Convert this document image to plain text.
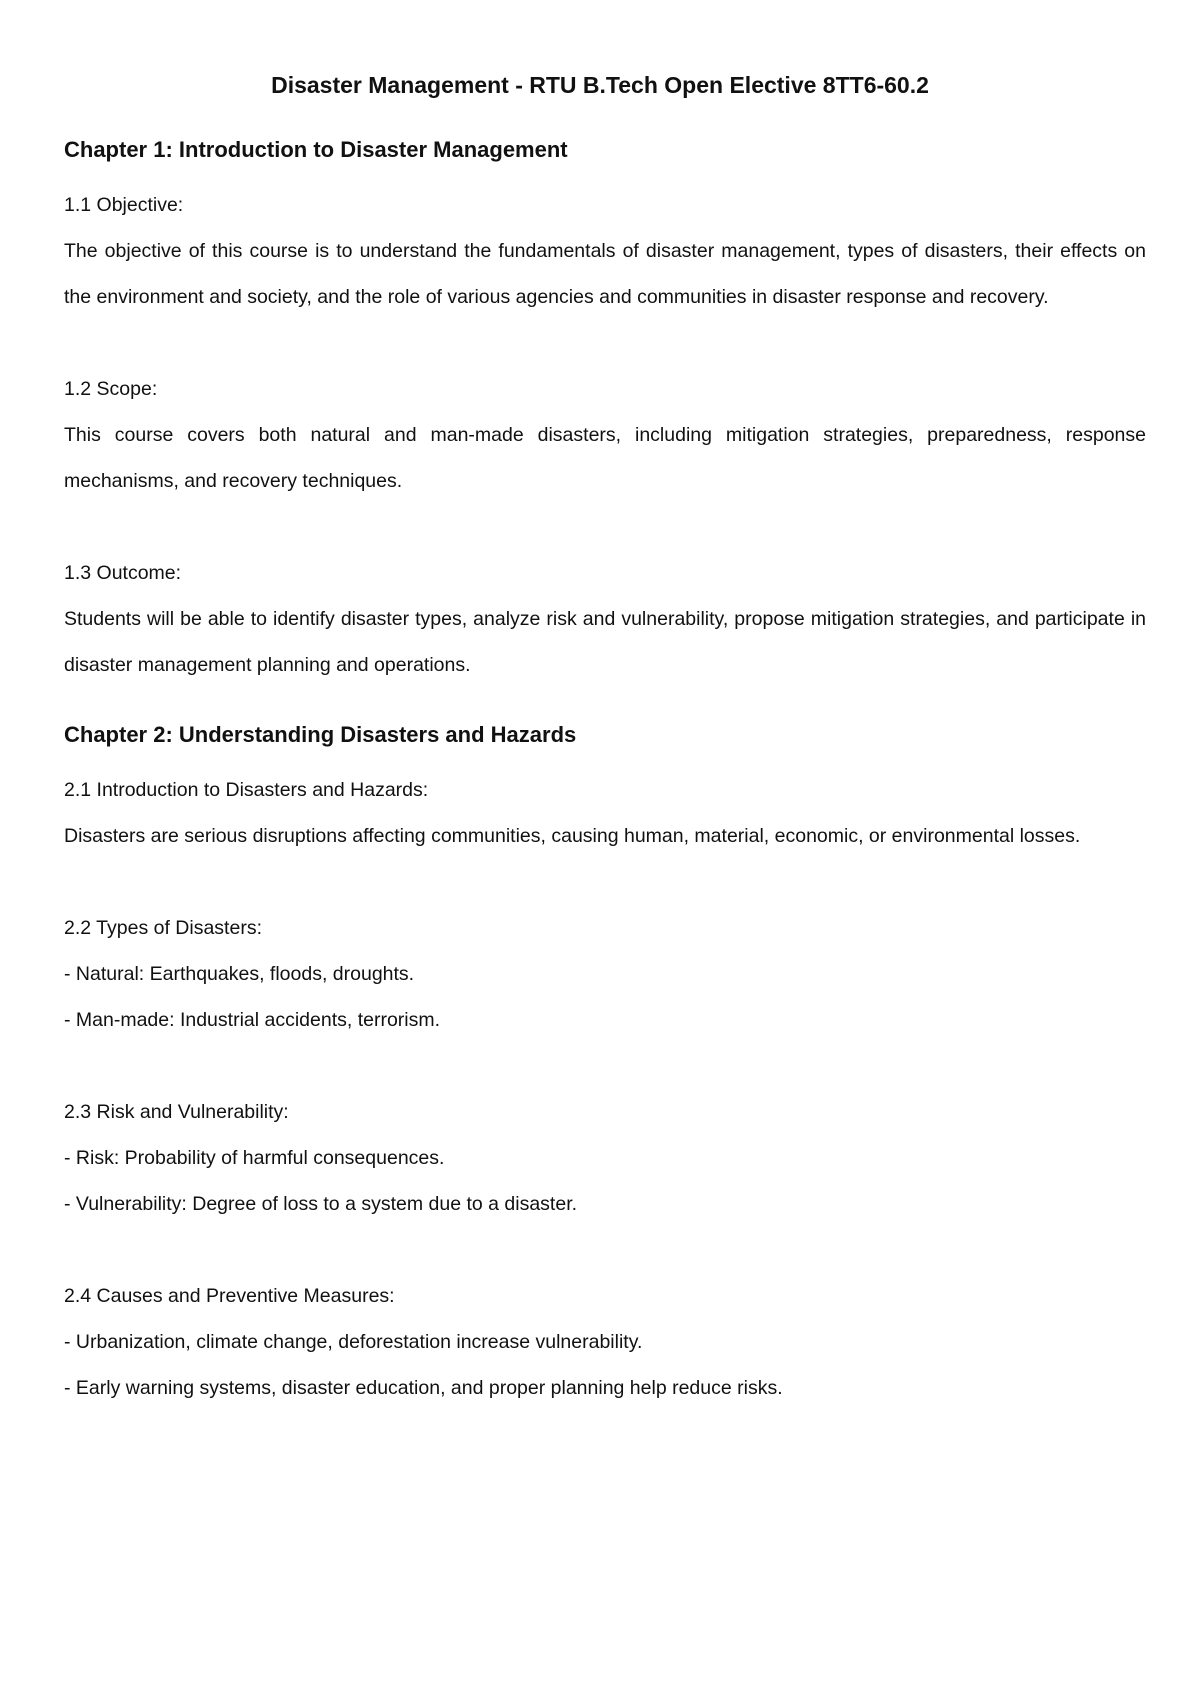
Disaster Management - RTU B.Tech Open Elective 8TT6-60.2
Chapter 1: Introduction to Disaster Management

1.1 Objective:

The objective of this course is to understand the fundamentals of disaster management, types of disasters, their effects on the environment and society, and the role of various agencies and communities in disaster response and recovery.

1.2 Scope:

This course covers both natural and man-made disasters, including mitigation strategies, preparedness, response mechanisms, and recovery techniques.

1.3 Outcome:

Students will be able to identify disaster types, analyze risk and vulnerability, propose mitigation strategies, and participate in disaster management planning and operations.

Chapter 2: Understanding Disasters and Hazards

2.1 Introduction to Disasters and Hazards:

Disasters are serious disruptions affecting communities, causing human, material, economic, or environmental losses.

2.2 Types of Disasters:

- Natural: Earthquakes, floods, droughts.

- Man-made: Industrial accidents, terrorism.

2.3 Risk and Vulnerability:

- Risk: Probability of harmful consequences.

- Vulnerability: Degree of loss to a system due to a disaster.

2.4 Causes and Preventive Measures:

- Urbanization, climate change, deforestation increase vulnerability.

- Early warning systems, disaster education, and proper planning help reduce risks.
